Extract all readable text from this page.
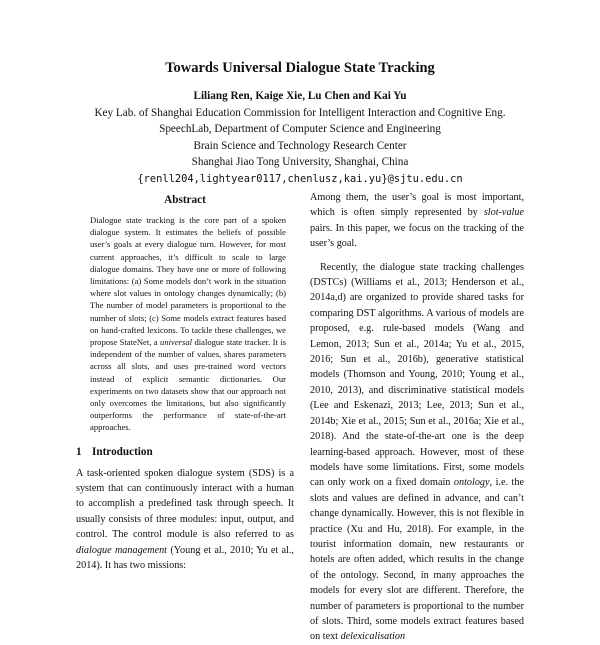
Towards Universal Dialogue State Tracking
Liliang Ren, Kaige Xie, Lu Chen and Kai Yu
Key Lab. of Shanghai Education Commission for Intelligent Interaction and Cognitive Eng.
SpeechLab, Department of Computer Science and Engineering
Brain Science and Technology Research Center
Shanghai Jiao Tong University, Shanghai, China
{renll204,lightyear0117,chenlusz,kai.yu}@sjtu.edu.cn
Abstract

Dialogue state tracking is the core part of a spoken dialogue system. It estimates the beliefs of possible user’s goals at every dialogue turn. However, for most current approaches, it’s difficult to scale to large dialogue domains. They have one or more of following limitations: (a) Some models don’t work in the situation where slot values in ontology changes dynamically; (b) The number of model parameters is proportional to the number of slots; (c) Some models extract features based on hand-crafted lexicons. To tackle these challenges, we propose StateNet, a universal dialogue state tracker. It is independent of the number of values, shares parameters across all slots, and uses pre-trained word vectors instead of explicit semantic dictionaries. Our experiments on two datasets show that our approach not only overcomes the limitations, but also significantly outperforms the performance of state-of-the-art approaches.

1 Introduction

A task-oriented spoken dialogue system (SDS) is a system that can continuously interact with a human to accomplish a predefined task through speech. It usually consists of three modules: input, output, and control. The control module is also referred to as dialogue management (Young et al., 2010; Yu et al., 2014). It has two missions:

Among them, the user’s goal is most important, which is often simply represented by slot-value pairs. In this paper, we focus on the tracking of the user’s goal.

Recently, the dialogue state tracking challenges (DSTCs) (Williams et al., 2013; Henderson et al., 2014a,d) are organized to provide shared tasks for comparing DST algorithms. A various of models are proposed, e.g. rule-based models (Wang and Lemon, 2013; Sun et al., 2014a; Yu et al., 2015, 2016; Sun et al., 2016b), generative statistical models (Thomson and Young, 2010; Young et al., 2010, 2013), and discriminative statistical models (Lee and Eskenazi, 2013; Lee, 2013; Sun et al., 2014b; Xie et al., 2015; Sun et al., 2016a; Xie et al., 2018). And the state-of-the-art one is the deep learning-based approach. However, most of these models have some limitations. First, some models can only work on a fixed domain ontology, i.e. the slots and values are defined in advance, and can’t change dynamically. However, this is not flexible in practice (Xu and Hu, 2018). For example, in the tourist information domain, new restaurants or hotels are often added, which results in the change of the ontology. Second, in many approaches the models for every slot are different. Therefore, the number of parameters is proportional to the number of slots. Third, some models extract features based on text delexicalisation
